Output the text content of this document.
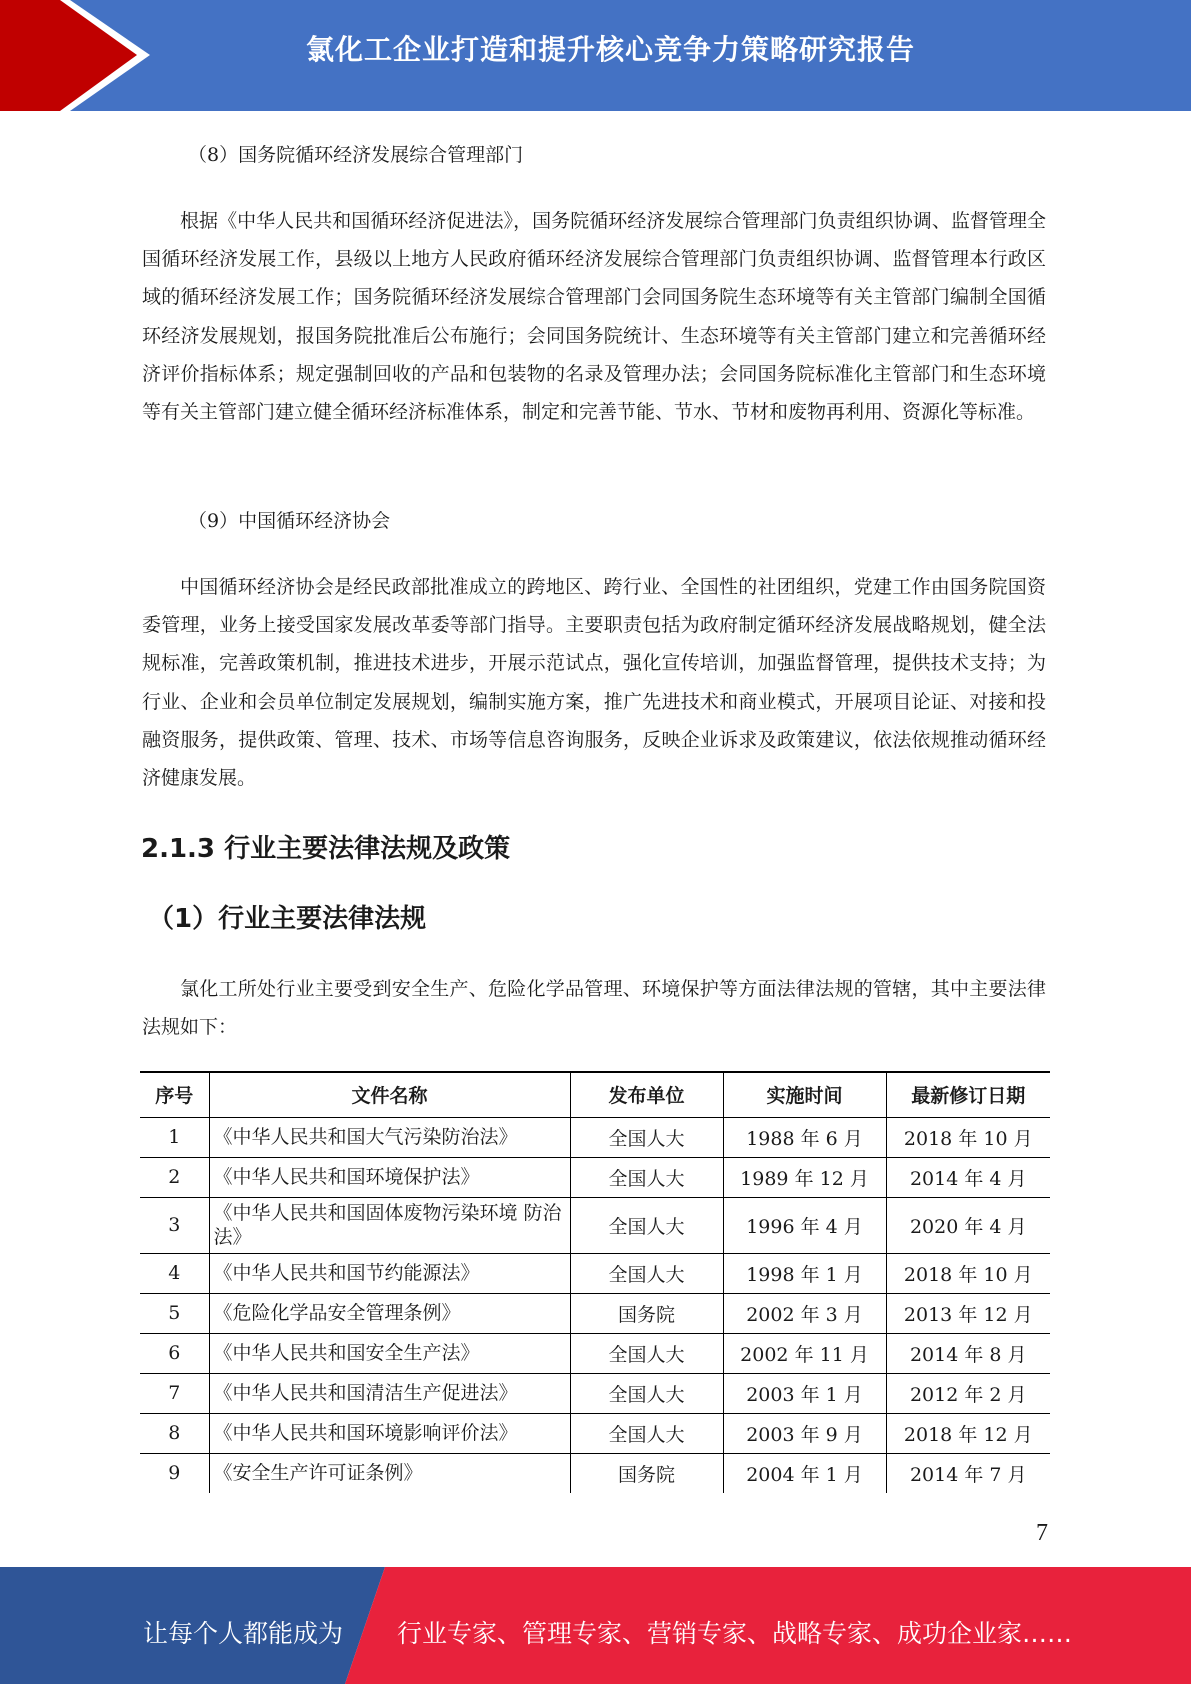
氯化工企业打造和提升核心竞争力策略研究报告
（8）国务院循环经济发展综合管理部门
根据《中华人民共和国循环经济促进法》，国务院循环经济发展综合管理部门负责组织协调、监督管理全国循环经济发展工作，县级以上地方人民政府循环经济发展综合管理部门负责组织协调、监督管理本行政区域的循环经济发展工作；国务院循环经济发展综合管理部门会同国务院生态环境等有关主管部门编制全国循环经济发展规划，报国务院批准后公布施行；会同国务院统计、生态环境等有关主管部门建立和完善循环经济评价指标体系；规定强制回收的产品和包装物的名录及管理办法；会同国务院标准化主管部门和生态环境等有关主管部门建立健全循环经济标准体系，制定和完善节能、节水、节材和废物再利用、资源化等标准。
（9）中国循环经济协会
中国循环经济协会是经民政部批准成立的跨地区、跨行业、全国性的社团组织，党建工作由国务院国资委管理，业务上接受国家发展改革委等部门指导。主要职责包括为政府制定循环经济发展战略规划，健全法规标准，完善政策机制，推进技术进步，开展示范试点，强化宣传培训，加强监督管理，提供技术支持；为行业、企业和会员单位制定发展规划，编制实施方案，推广先进技术和商业模式，开展项目论证、对接和投融资服务，提供政策、管理、技术、市场等信息咨询服务，反映企业诉求及政策建议，依法依规推动循环经济健康发展。
2.1.3 行业主要法律法规及政策
（1）行业主要法律法规
氯化工所处行业主要受到安全生产、危险化学品管理、环境保护等方面法律法规的管辖，其中主要法律法规如下：
序号	文件名称	发布单位	实施时间	最新修订日期
1	《中华人民共和国大气污染防治法》	全国人大	1988 年 6 月	2018 年 10 月
2	《中华人民共和国环境保护法》	全国人大	1989 年 12 月	2014 年 4 月
3	《中华人民共和国固体废物污染环境 防治法》	全国人大	1996 年 4 月	2020 年 4 月
4	《中华人民共和国节约能源法》	全国人大	1998 年 1 月	2018 年 10 月
5	《危险化学品安全管理条例》	国务院	2002 年 3 月	2013 年 12 月
6	《中华人民共和国安全生产法》	全国人大	2002 年 11 月	2014 年 8 月
7	《中华人民共和国清洁生产促进法》	全国人大	2003 年 1 月	2012 年 2 月
8	《中华人民共和国环境影响评价法》	全国人大	2003 年 9 月	2018 年 12 月
9	《安全生产许可证条例》	国务院	2004 年 1 月	2014 年 7 月
7
让每个人都能成为 行业专家、管理专家、营销专家、战略专家、成功企业家……
